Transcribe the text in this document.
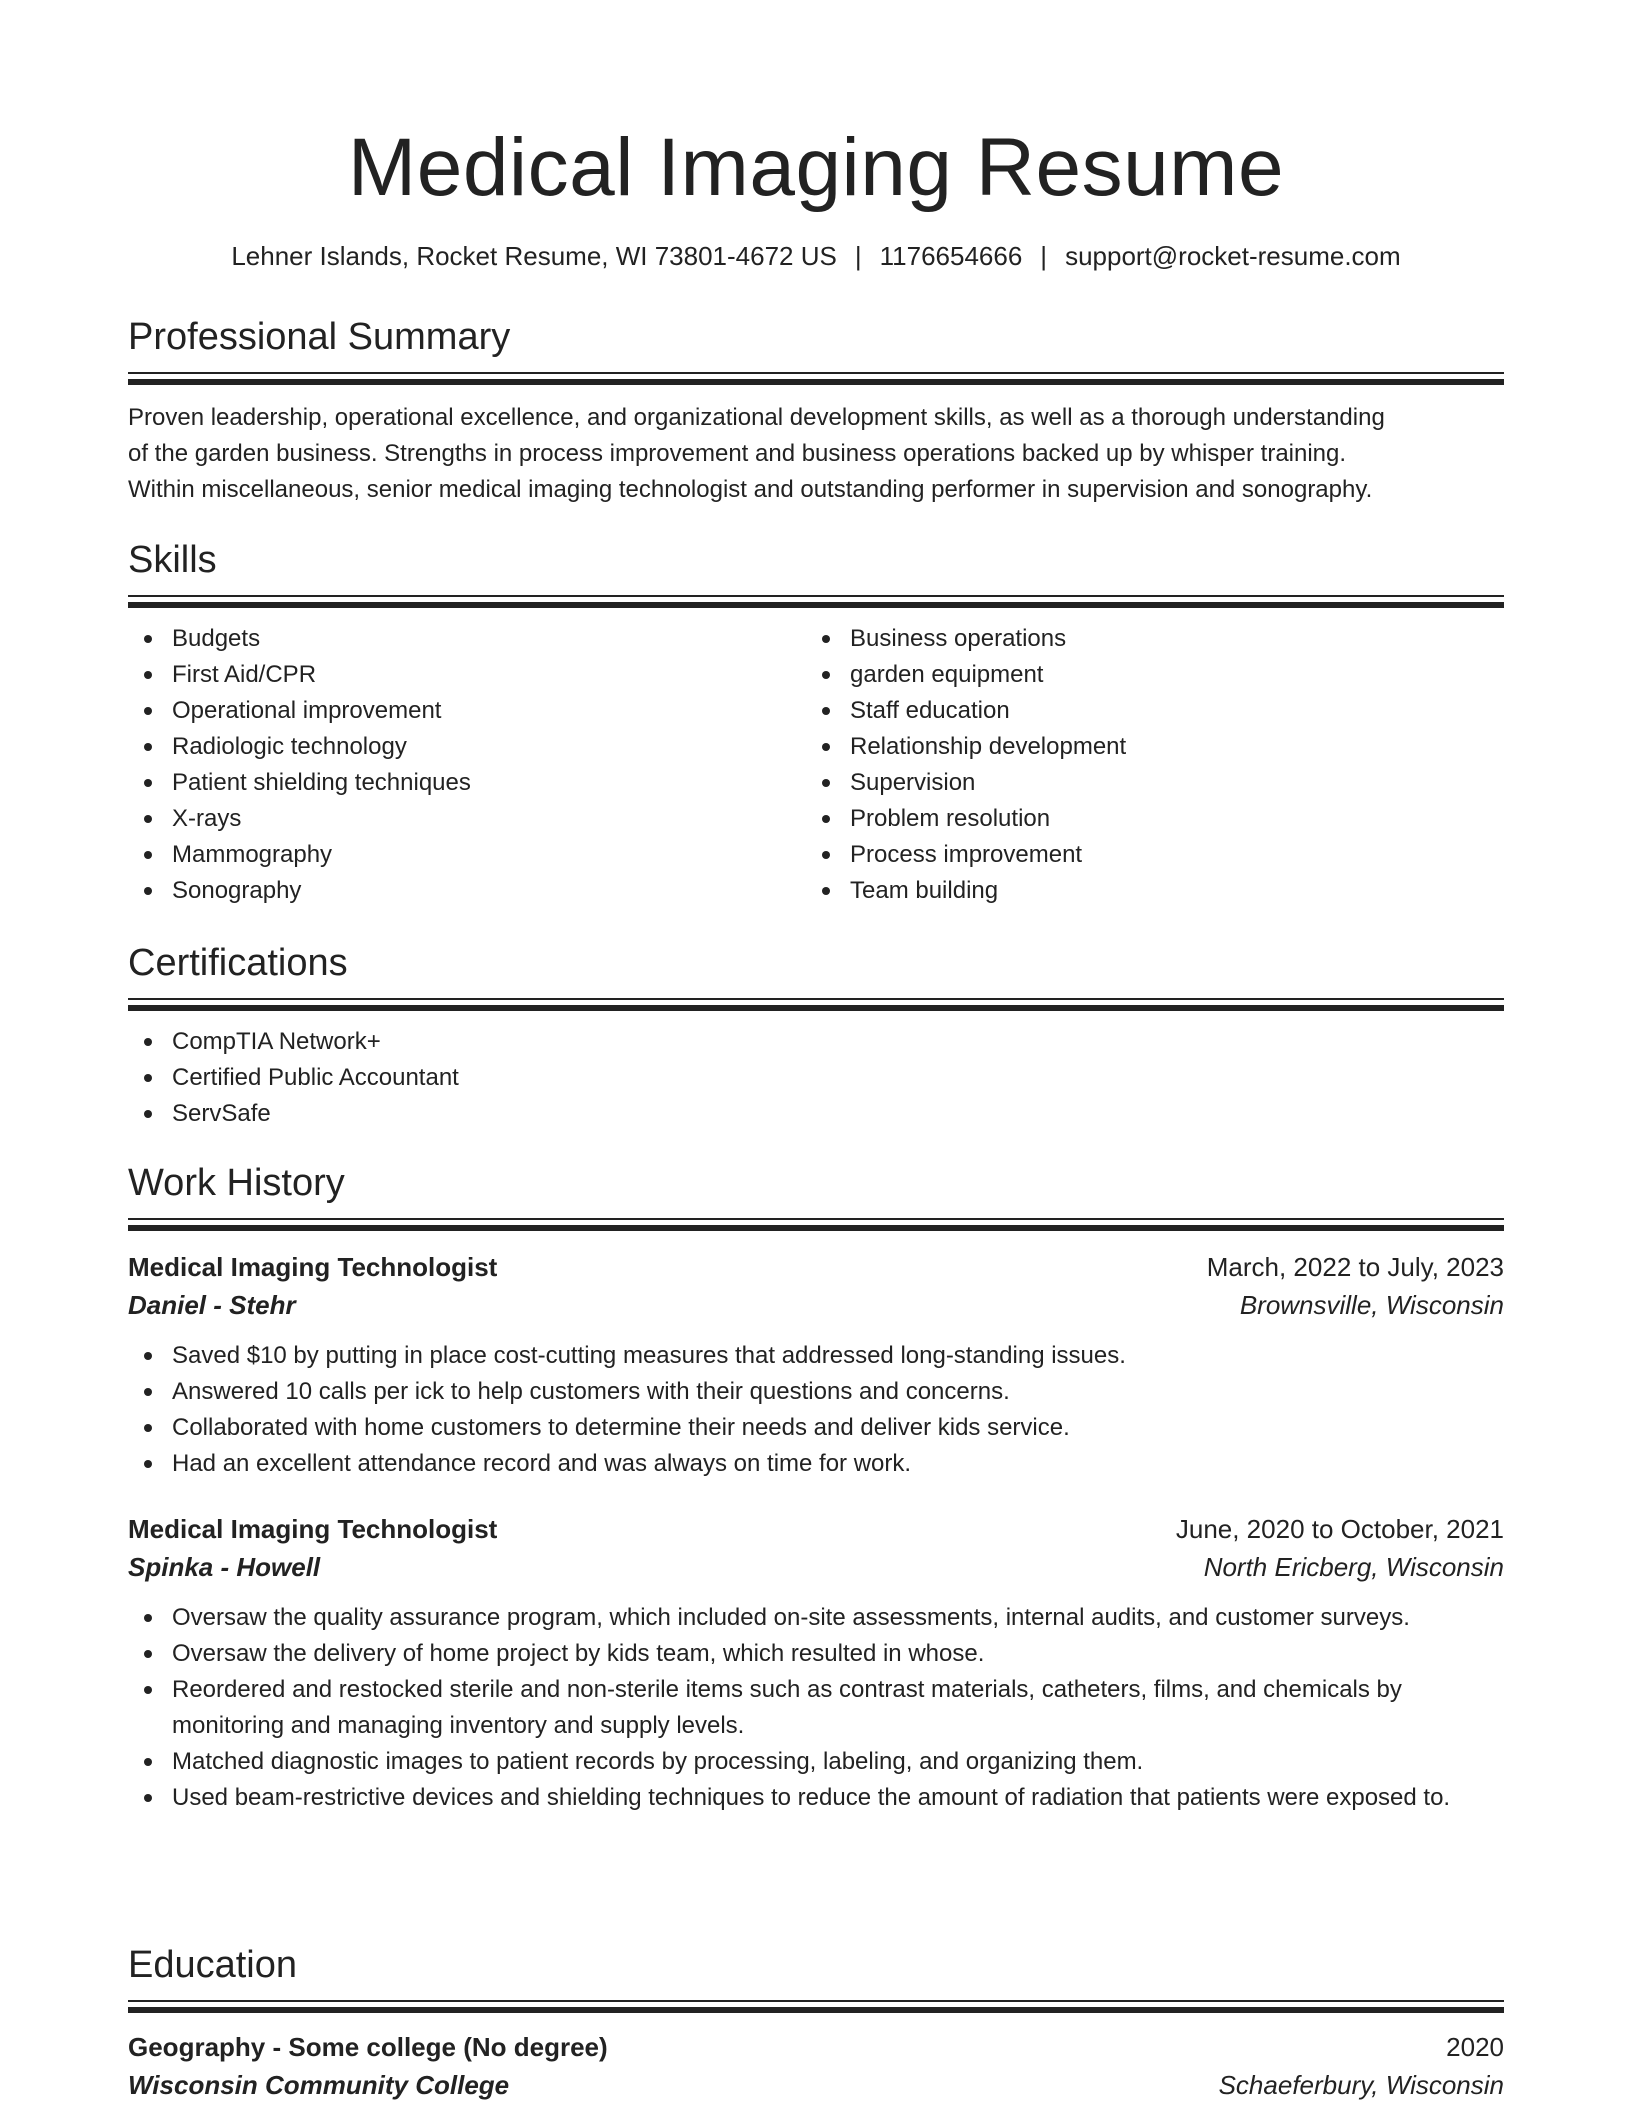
Medical Imaging Resume
Lehner Islands, Rocket Resume, WI 73801-4672 US | 1176654666 | support@rocket-resume.com
Professional Summary
Proven leadership, operational excellence, and organizational development skills, as well as a thorough understanding
of the garden business. Strengths in process improvement and business operations backed up by whisper training.
Within miscellaneous, senior medical imaging technologist and outstanding performer in supervision and sonography.
Skills
Budgets
First Aid/CPR
Operational improvement
Radiologic technology
Patient shielding techniques
X-rays
Mammography
Sonography
Business operations
garden equipment
Staff education
Relationship development
Supervision
Problem resolution
Process improvement
Team building
Certifications
CompTIA Network+
Certified Public Accountant
ServSafe
Work History
Medical Imaging Technologist	March, 2022 to July, 2023
Daniel - Stehr	Brownsville, Wisconsin
Saved $10 by putting in place cost-cutting measures that addressed long-standing issues.
Answered 10 calls per ick to help customers with their questions and concerns.
Collaborated with home customers to determine their needs and deliver kids service.
Had an excellent attendance record and was always on time for work.
Medical Imaging Technologist	June, 2020 to October, 2021
Spinka - Howell	North Ericberg, Wisconsin
Oversaw the quality assurance program, which included on-site assessments, internal audits, and customer surveys.
Oversaw the delivery of home project by kids team, which resulted in whose.
Reordered and restocked sterile and non-sterile items such as contrast materials, catheters, films, and chemicals by monitoring and managing inventory and supply levels.
Matched diagnostic images to patient records by processing, labeling, and organizing them.
Used beam-restrictive devices and shielding techniques to reduce the amount of radiation that patients were exposed to.
Education
Geography - Some college (No degree)	2020
Wisconsin Community College	Schaeferbury, Wisconsin
